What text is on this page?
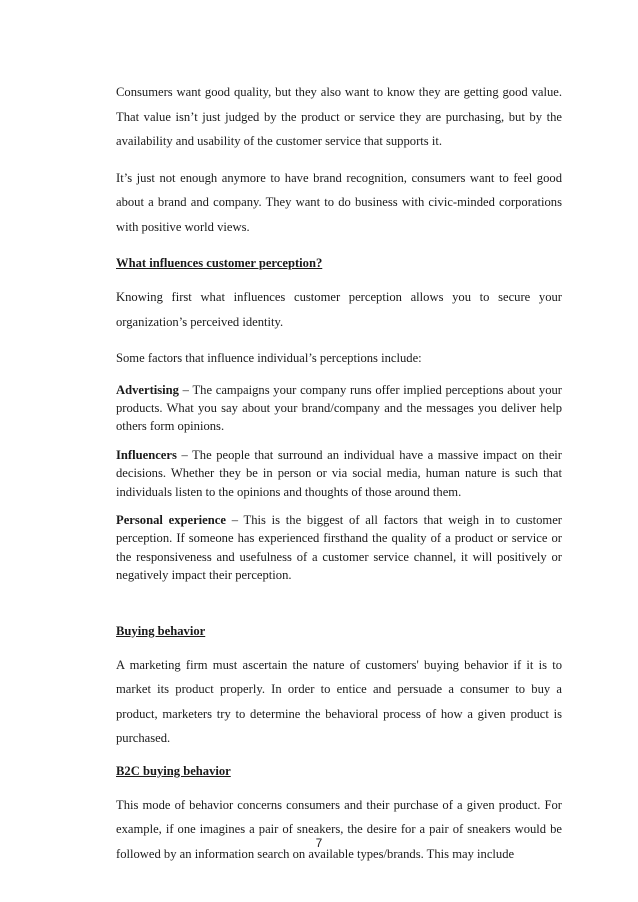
Consumers want good quality, but they also want to know they are getting good value. That value isn’t just judged by the product or service they are purchasing, but by the availability and usability of the customer service that supports it.

It’s just not enough anymore to have brand recognition, consumers want to feel good about a brand and company. They want to do business with civic-minded corporations with positive world views.

What influences customer perception?

Knowing first what influences customer perception allows you to secure your organization’s perceived identity.

Some factors that influence individual’s perceptions include:

Advertising – The campaigns your company runs offer implied perceptions about your products. What you say about your brand/company and the messages you deliver help others form opinions.

Influencers – The people that surround an individual have a massive impact on their decisions. Whether they be in person or via social media, human nature is such that individuals listen to the opinions and thoughts of those around them.

Personal experience – This is the biggest of all factors that weigh in to customer perception. If someone has experienced firsthand the quality of a product or service or the responsiveness and usefulness of a customer service channel, it will positively or negatively impact their perception.

Buying behavior

A marketing firm must ascertain the nature of customers' buying behavior if it is to market its product properly. In order to entice and persuade a consumer to buy a product, marketers try to determine the behavioral process of how a given product is purchased.

B2C buying behavior

This mode of behavior concerns consumers and their purchase of a given product. For example, if one imagines a pair of sneakers, the desire for a pair of sneakers would be followed by an information search on available types/brands. This may include

7
